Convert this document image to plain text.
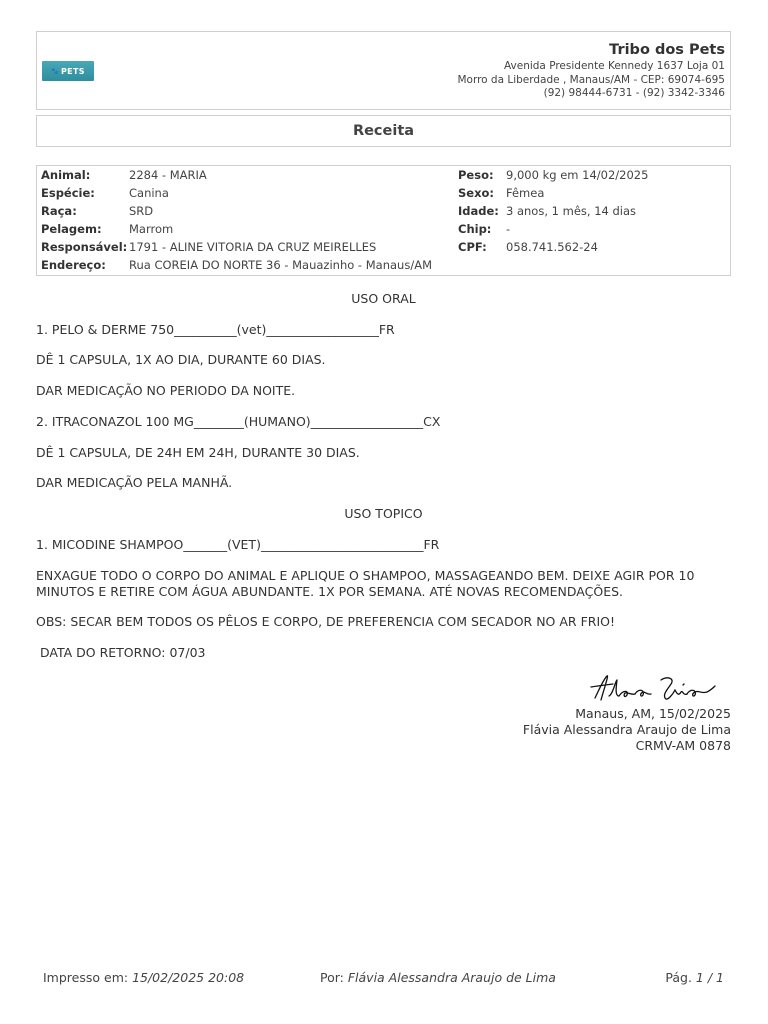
🐾 PETS
Tribo dos Pets
Avenida Presidente Kennedy 1637 Loja 01
Morro da Liberdade , Manaus/AM - CEP: 69074-695
(92) 98444-6731 - (92) 3342-3346
Receita
Animal:	2284 - MARIA
Espécie:	Canina
Raça:	SRD
Pelagem: Marrom
Responsável: 1791 - ALINE VITORIA DA CRUZ MEIRELLES
Endereço: Rua COREIA DO NORTE 36 - Mauazinho - Manaus/AM
Peso: 9,000 kg em 14/02/2025
Sexo: Fêmea
Idade: 3 anos, 1 mês, 14 dias
Chip: -
CPF: 058.741.562-24
USO ORAL
1. PELO & DERME 750__________(vet)__________________FR
DÊ 1 CAPSULA, 1X AO DIA, DURANTE 60 DIAS.
DAR MEDICAÇÃO NO PERIODO DA NOITE.
2. ITRACONAZOL 100 MG________(HUMANO)__________________CX
DÊ 1 CAPSULA, DE 24H EM 24H, DURANTE 30 DIAS.
DAR MEDICAÇÃO PELA MANHÃ.
USO TOPICO
1. MICODINE SHAMPOO_______(VET)__________________________FR
ENXAGUE TODO O CORPO DO ANIMAL E APLIQUE O SHAMPOO, MASSAGEANDO BEM. DEIXE AGIR POR 10
MINUTOS E RETIRE COM ÁGUA ABUNDANTE. 1X POR SEMANA. ATÉ NOVAS RECOMENDAÇÕES.
OBS: SECAR BEM TODOS OS PÊLOS E CORPO, DE PREFERENCIA COM SECADOR NO AR FRIO!
DATA DO RETORNO: 07/03
Manaus, AM, 15/02/2025
Flávia Alessandra Araujo de Lima
CRMV-AM 0878
Impresso em: 15/02/2025 20:08	Por: Flávia Alessandra Araujo de Lima	Pág. 1 / 1
